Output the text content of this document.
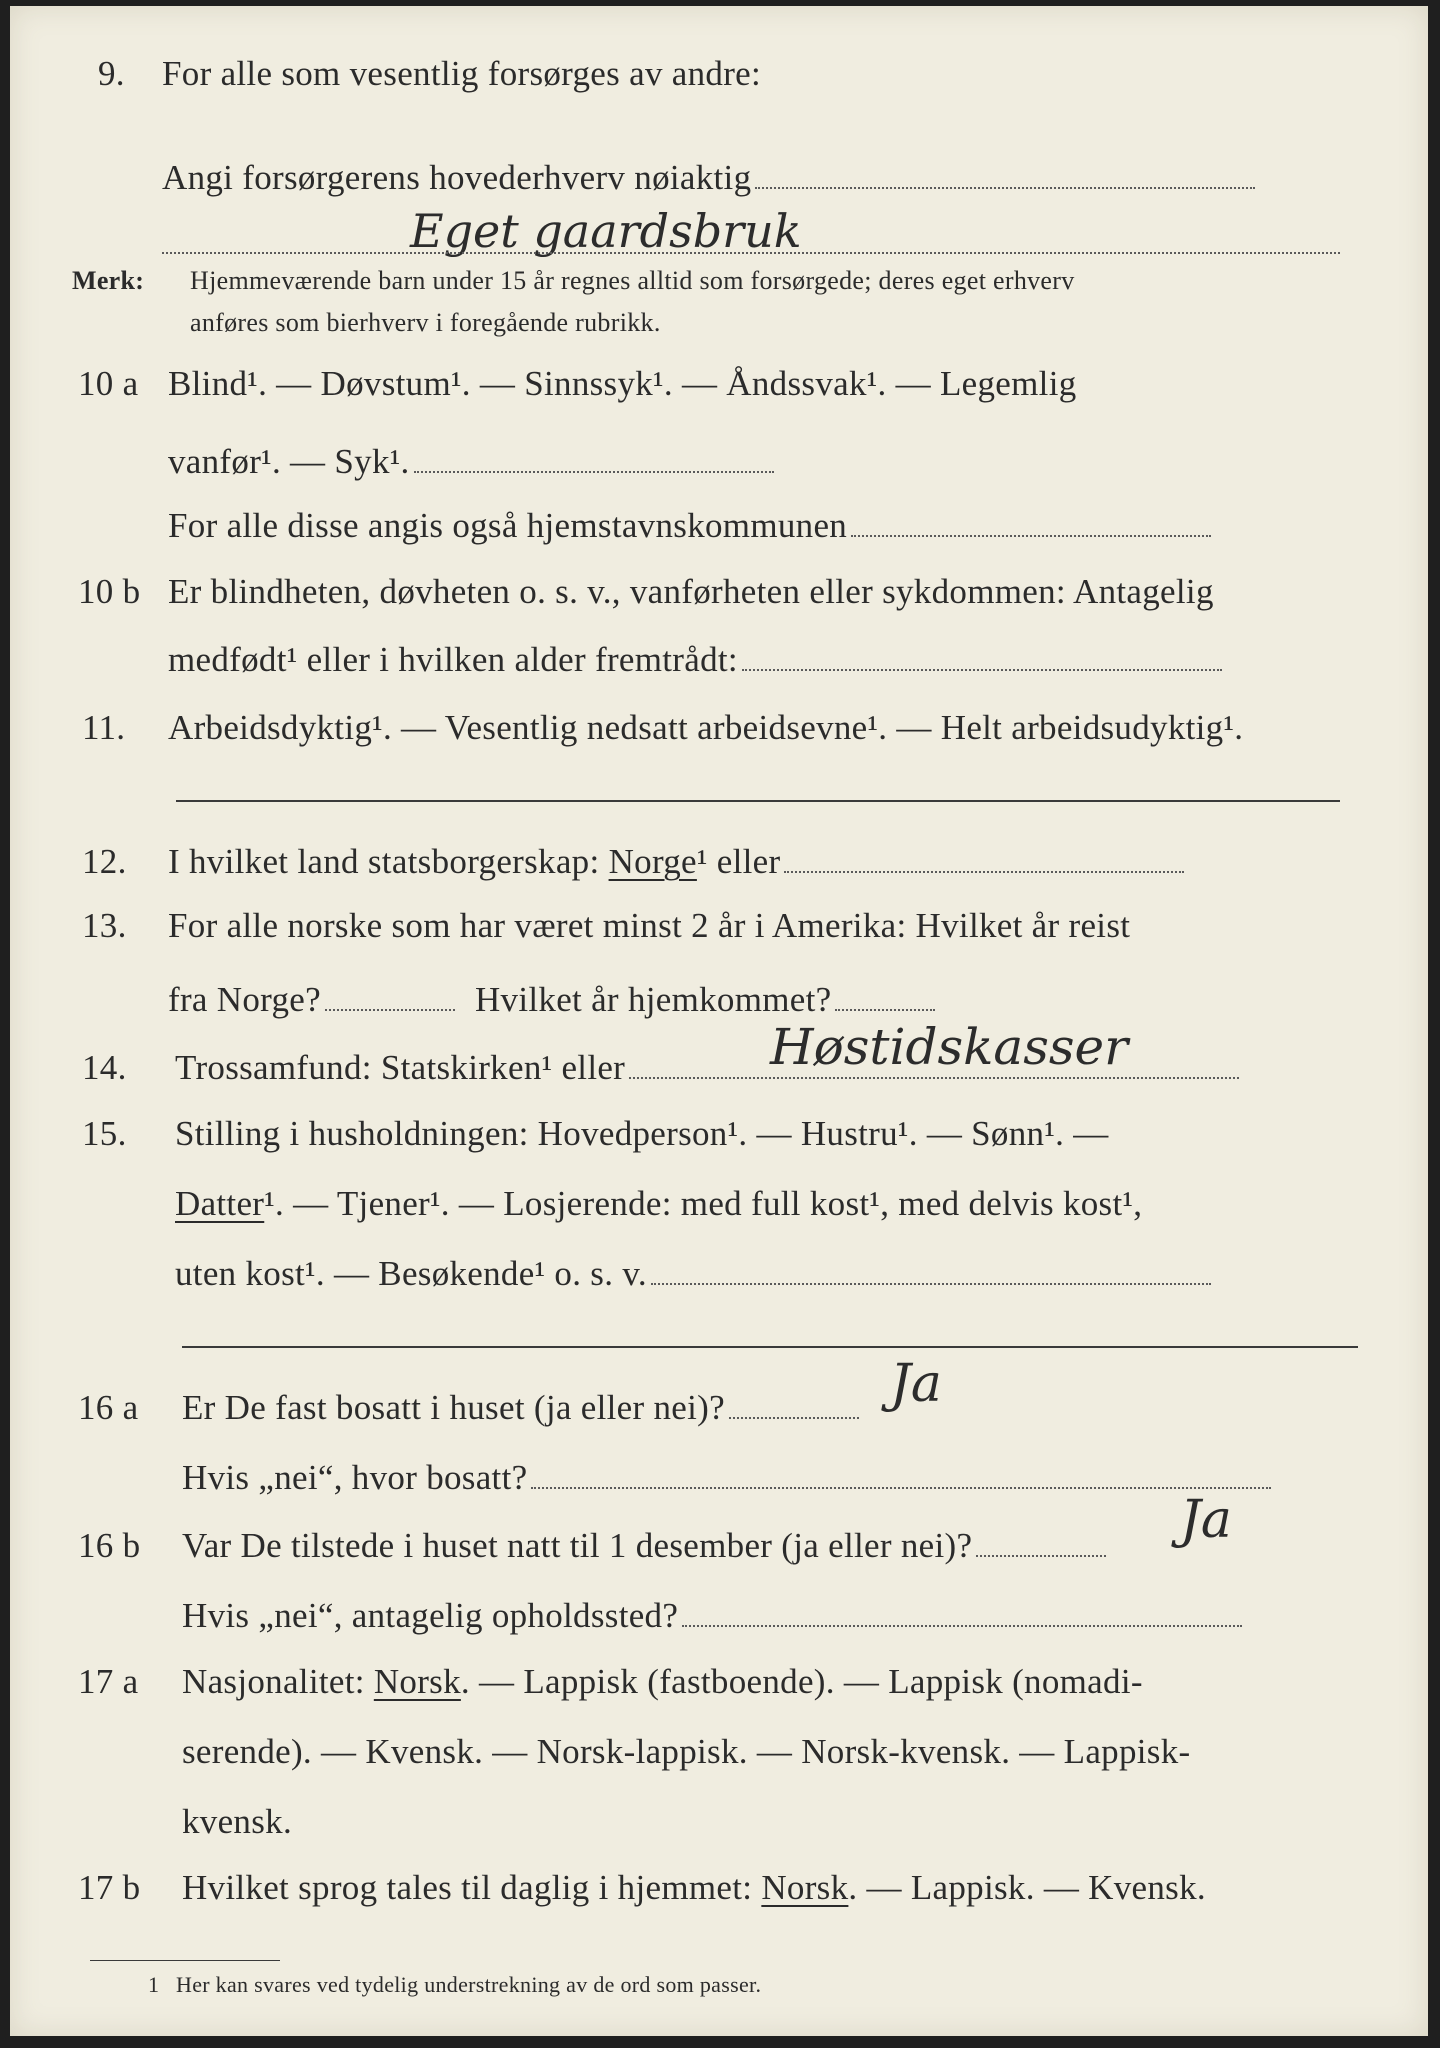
9. For alle som vesentlig forsørges av andre:
Angi forsørgerens hovederhverv nøiaktig
Eget gaardsbruk
Merk: Hjemmeværende barn under 15 år regnes alltid som forsørgede; deres eget erhverv
anføres som bierhverv i foregående rubrikk.
10 a Blind¹. — Døvstum¹. — Sinnssyk¹. — Åndssvak¹. — Legemlig
vanfør¹. — Syk¹.
For alle disse angis også hjemstavnskommunen
10 b Er blindheten, døvheten o. s. v., vanførheten eller sykdommen: Antagelig
medfødt¹ eller i hvilken alder fremtrådt:
11. Arbeidsdyktig¹. — Vesentlig nedsatt arbeidsevne¹. — Helt arbeidsudyktig¹.
12. I hvilket land statsborgerskap: Norge¹ eller
13. For alle norske som har været minst 2 år i Amerika: Hvilket år reist
fra Norge?	Hvilket år hjemkommet?
14. Trossamfund: Statskirken¹ eller	Høstidskasser
15. Stilling i husholdningen: Hovedperson¹. — Hustru¹. — Sønn¹. —
Datter¹. — Tjener¹. — Losjerende: med full kost¹, med delvis kost¹,
uten kost¹. — Besøkende¹ o. s. v.
16 a Er De fast bosatt i huset (ja eller nei)?	Ja
Hvis „nei“, hvor bosatt?
16 b Var De tilstede i huset natt til 1 desember (ja eller nei)?	Ja
Hvis „nei“, antagelig opholdssted?
17 a Nasjonalitet: Norsk. — Lappisk (fastboende). — Lappisk (nomadi-
serende). — Kvensk. — Norsk-lappisk. — Norsk-kvensk. — Lappisk-
kvensk.
17 b Hvilket sprog tales til daglig i hjemmet: Norsk. — Lappisk. — Kvensk.
1 Her kan svares ved tydelig understrekning av de ord som passer.
